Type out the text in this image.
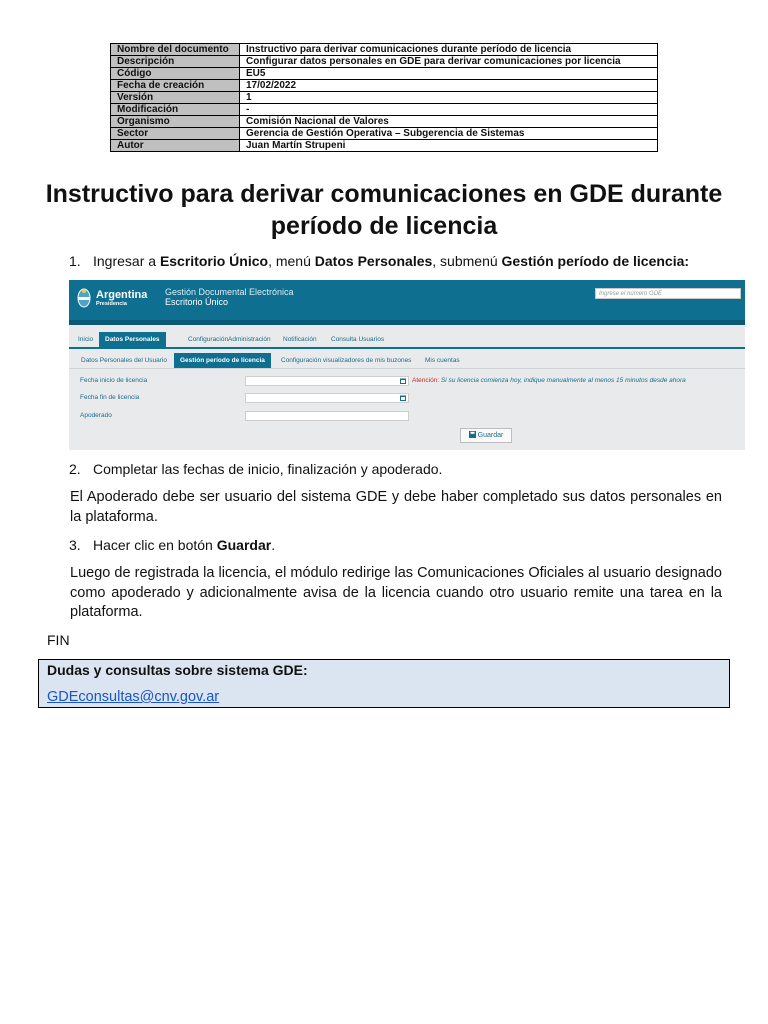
Nombre del documento	Instructivo para derivar comunicaciones durante período de licencia
Descripción	Configurar datos personales en GDE para derivar comunicaciones por licencia
Código	EU5
Fecha de creación	17/02/2022
Versión	1
Modificación	-
Organismo	Comisión Nacional de Valores
Sector	Gerencia de Gestión Operativa – Subgerencia de Sistemas
Autor	Juan Martín Strupeni
Instructivo para derivar comunicaciones en GDE durante período de licencia
1. Ingresar a Escritorio Único, menú Datos Personales, submenú Gestión período de licencia:
Argentina
Presidencia
Gestión Documental Electrónica
Escritorio Único
Ingrese el número GDE
Inicio	Datos Personales	Configuración Administración Notificación Consulta Usuarios
Datos Personales del Usuario	Gestión período de licencia	Configuración visualizadores de mis buzones Mis cuentas
Fecha inicio de licencia	Atención: Si su licencia comienza hoy, indique manualmente al menos 15 minutos desde ahora
Fecha fin de licencia
Apoderado
Guardar
2. Completar las fechas de inicio, finalización y apoderado.

El Apoderado debe ser usuario del sistema GDE y debe haber completado sus datos personales en la plataforma.

3. Hacer clic en botón Guardar.

Luego de registrada la licencia, el módulo redirige las Comunicaciones Oficiales al usuario designado como apoderado y adicionalmente avisa de la licencia cuando otro usuario remite una tarea en la plataforma.

FIN
Dudas y consultas sobre sistema GDE:
GDEconsultas@cnv.gov.ar
